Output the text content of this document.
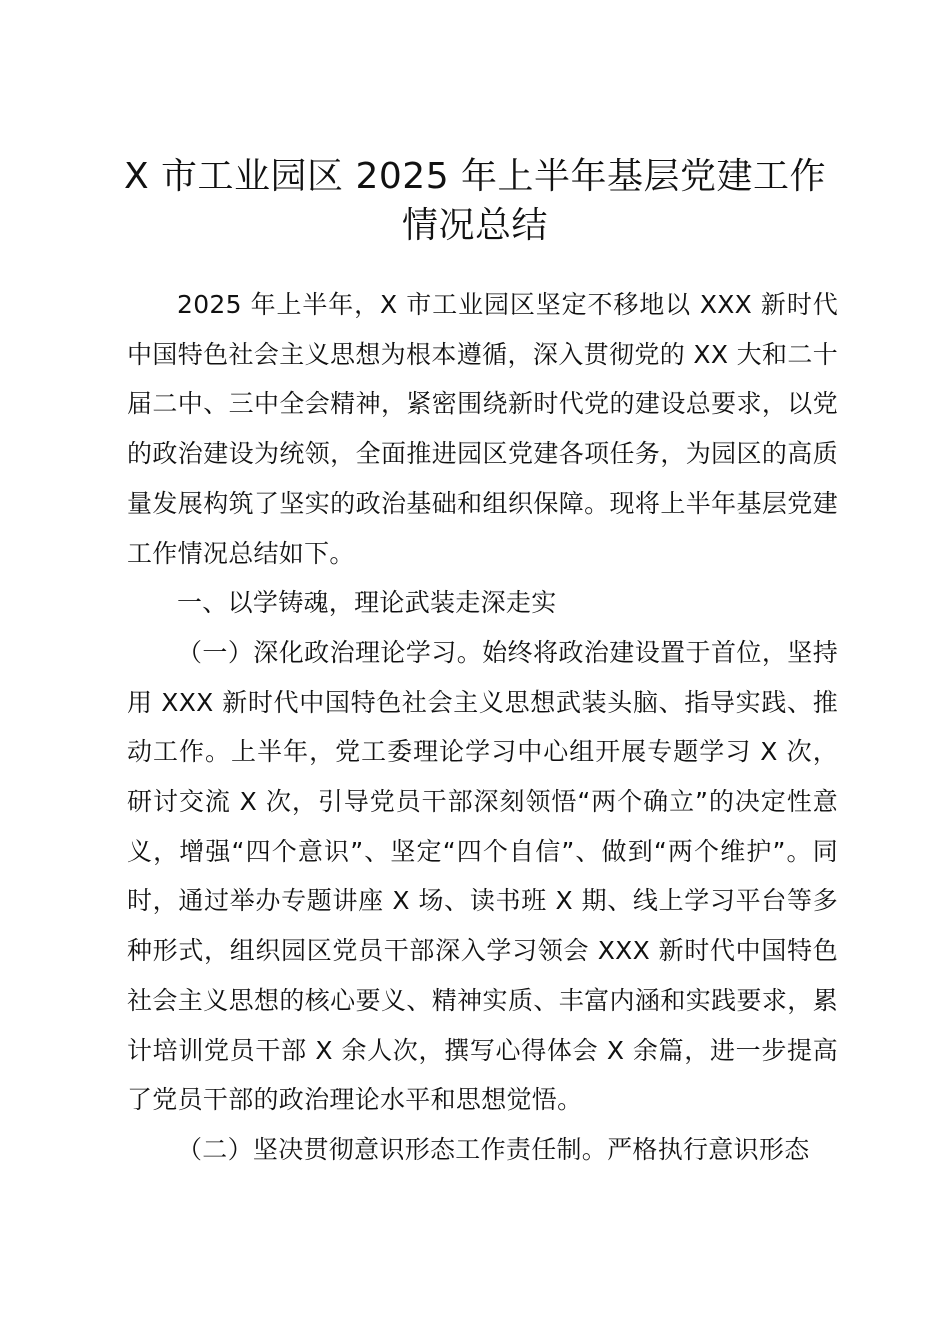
X 市工业园区 2025 年上半年基层党建工作情况总结

2025 年上半年，X 市工业园区坚定不移地以 XXX 新时代中国特色社会主义思想为根本遵循，深入贯彻党的 XX 大和二十届二中、三中全会精神，紧密围绕新时代党的建设总要求，以党的政治建设为统领，全面推进园区党建各项任务，为园区的高质量发展构筑了坚实的政治基础和组织保障。现将上半年基层党建工作情况总结如下。

一、以学铸魂，理论武装走深走实

（一）深化政治理论学习。始终将政治建设置于首位，坚持用 XXX 新时代中国特色社会主义思想武装头脑、指导实践、推动工作。上半年，党工委理论学习中心组开展专题学习 X 次，研讨交流 X 次，引导党员干部深刻领悟“两个确立”的决定性意义，增强“四个意识”、坚定“四个自信”、做到“两个维护”。同时，通过举办专题讲座 X 场、读书班 X 期、线上学习平台等多种形式，组织园区党员干部深入学习领会 XXX 新时代中国特色社会主义思想的核心要义、精神实质、丰富内涵和实践要求，累计培训党员干部 X 余人次，撰写心得体会 X 余篇，进一步提高了党员干部的政治理论水平和思想觉悟。

（二）坚决贯彻意识形态工作责任制。严格执行意识形态
